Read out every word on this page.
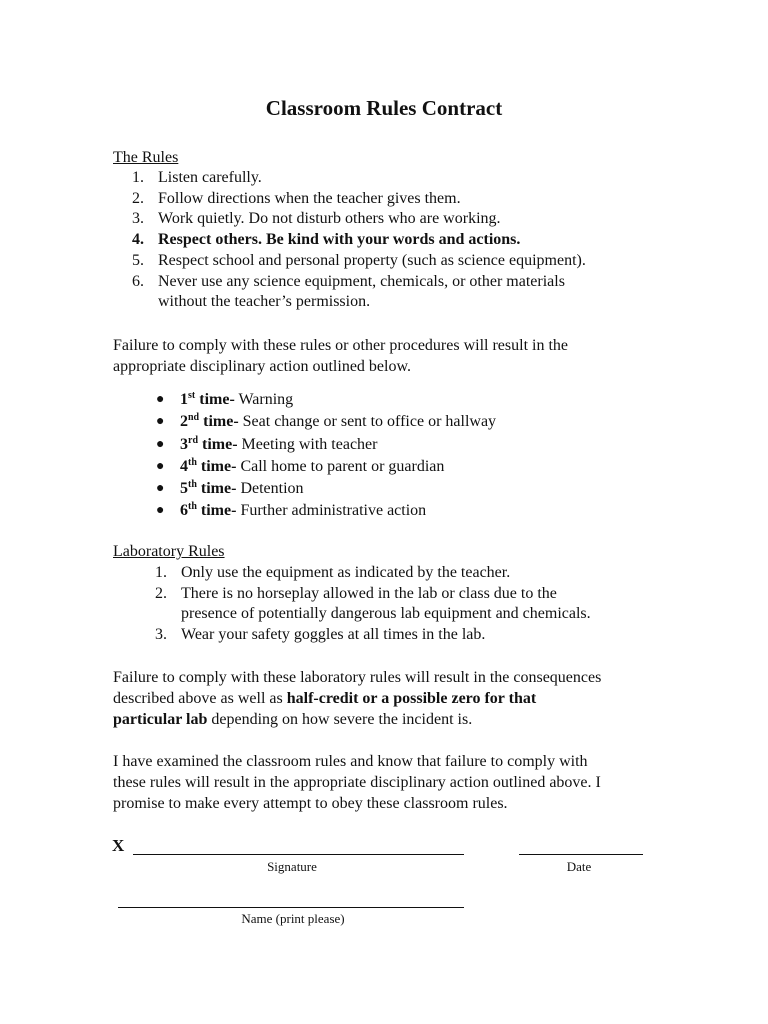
Classroom Rules Contract
The Rules
1. Listen carefully.
2. Follow directions when the teacher gives them.
3. Work quietly. Do not disturb others who are working.
4. Respect others. Be kind with your words and actions.
5. Respect school and personal property (such as science equipment).
6. Never use any science equipment, chemicals, or other materials
without the teacher’s permission.

Failure to comply with these rules or other procedures will result in the
appropriate disciplinary action outlined below.

● 1st time- Warning
● 2nd time- Seat change or sent to office or hallway
● 3rd time- Meeting with teacher
● 4th time- Call home to parent or guardian
● 5th time- Detention
● 6th time- Further administrative action
Laboratory Rules
1. Only use the equipment as indicated by the teacher.
2. There is no horseplay allowed in the lab or class due to the
presence of potentially dangerous lab equipment and chemicals.
3. Wear your safety goggles at all times in the lab.

Failure to comply with these laboratory rules will result in the consequences
described above as well as half-credit or a possible zero for that
particular lab depending on how severe the incident is.

I have examined the classroom rules and know that failure to comply with
these rules will result in the appropriate disciplinary action outlined above. I
promise to make every attempt to obey these classroom rules.

X
Signature	Date
Name (print please)
